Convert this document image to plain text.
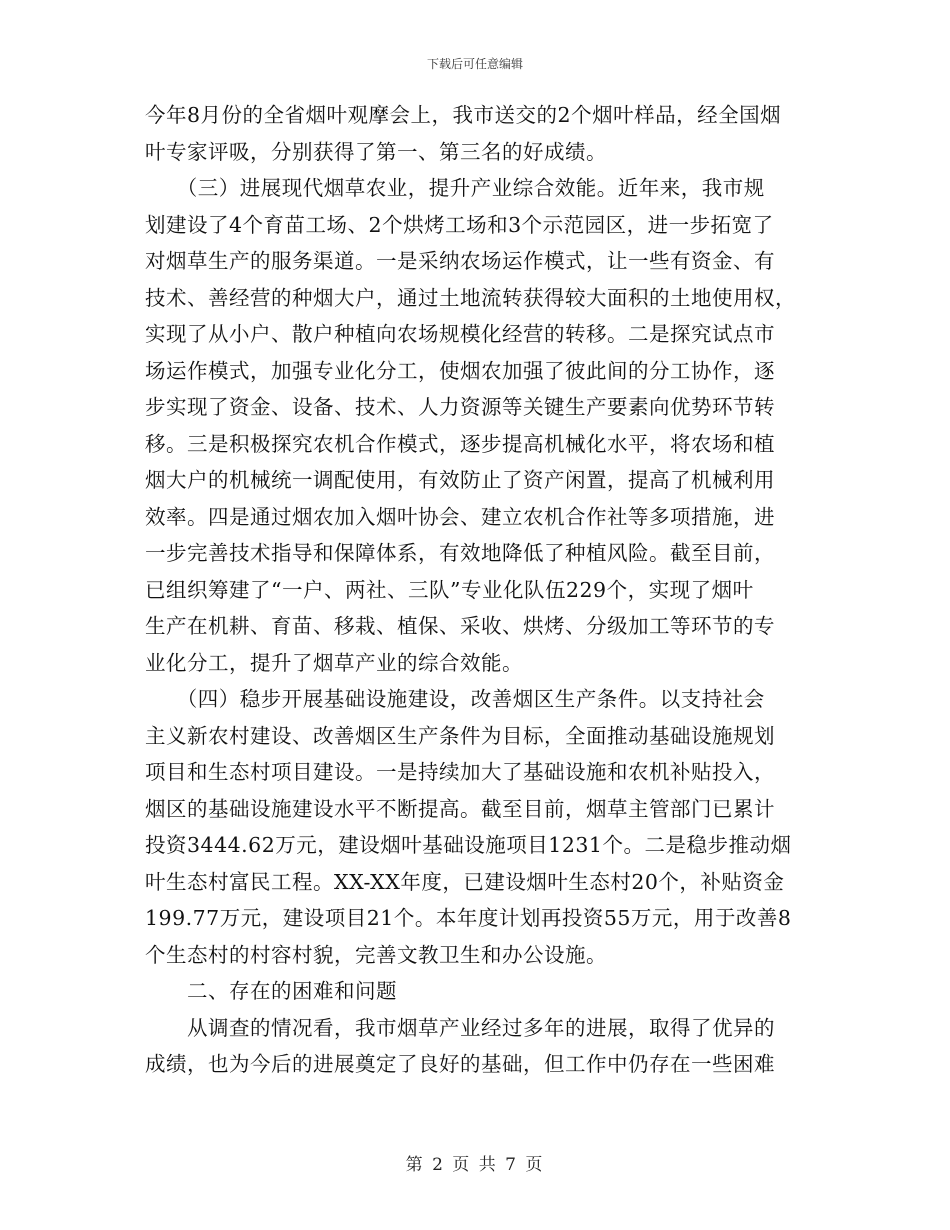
下载后可任意编辑
今年8月份的全省烟叶观摩会上，我市送交的2个烟叶样品，经全国烟
叶专家评吸，分别获得了第一、第三名的好成绩。
　　（三）进展现代烟草农业，提升产业综合效能。近年来，我市规
划建设了4个育苗工场、2个烘烤工场和3个示范园区，进一步拓宽了
对烟草生产的服务渠道。一是采纳农场运作模式，让一些有资金、有
技术、善经营的种烟大户，通过土地流转获得较大面积的土地使用权，
实现了从小户、散户种植向农场规模化经营的转移。二是探究试点市
场运作模式，加强专业化分工，使烟农加强了彼此间的分工协作，逐
步实现了资金、设备、技术、人力资源等关键生产要素向优势环节转
移。三是积极探究农机合作模式，逐步提高机械化水平，将农场和植
烟大户的机械统一调配使用，有效防止了资产闲置，提高了机械利用
效率。四是通过烟农加入烟叶协会、建立农机合作社等多项措施，进
一步完善技术指导和保障体系，有效地降低了种植风险。截至目前，
已组织筹建了“一户、两社、三队”专业化队伍229个，实现了烟叶
生产在机耕、育苗、移栽、植保、采收、烘烤、分级加工等环节的专
业化分工，提升了烟草产业的综合效能。
　　（四）稳步开展基础设施建设，改善烟区生产条件。以支持社会
主义新农村建设、改善烟区生产条件为目标，全面推动基础设施规划
项目和生态村项目建设。一是持续加大了基础设施和农机补贴投入，
烟区的基础设施建设水平不断提高。截至目前，烟草主管部门已累计
投资3444.62万元，建设烟叶基础设施项目1231个。二是稳步推动烟
叶生态村富民工程。XX-XX年度，已建设烟叶生态村20个，补贴资金
199.77万元，建设项目21个。本年度计划再投资55万元，用于改善8
个生态村的村容村貌，完善文教卫生和办公设施。
　　二、存在的困难和问题
　　从调查的情况看，我市烟草产业经过多年的进展，取得了优异的
成绩，也为今后的进展奠定了良好的基础，但工作中仍存在一些困难
第 2 页 共 7 页
